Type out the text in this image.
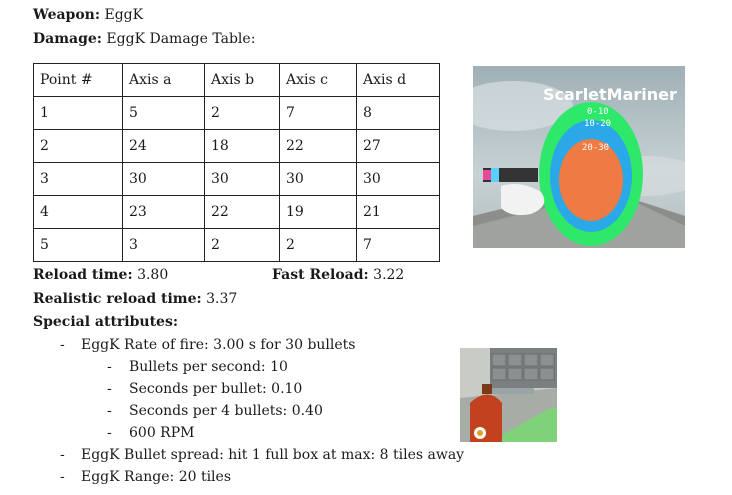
Weapon: EggK
Damage: EggK Damage Table:
Point #	Axis a	Axis b	Axis c	Axis d
1	5	2	7	8
2	24	18	22	27
3	30	30	30	30
4	23	22	19	21
5	3	2	2	7
Reload time: 3.80	Fast Reload: 3.22
Realistic reload time: 3.37
Special attributes:
- EggK Rate of fire: 3.00 s for 30 bullets
- Bullets per second: 10
- Seconds per bullet: 0.10
- Seconds per 4 bullets: 0.40
- 600 RPM
- EggK Bullet spread: hit 1 full box at max: 8 tiles away
- EggK Range: 20 tiles
ScarletMariner
0-10
10-20
20-30
